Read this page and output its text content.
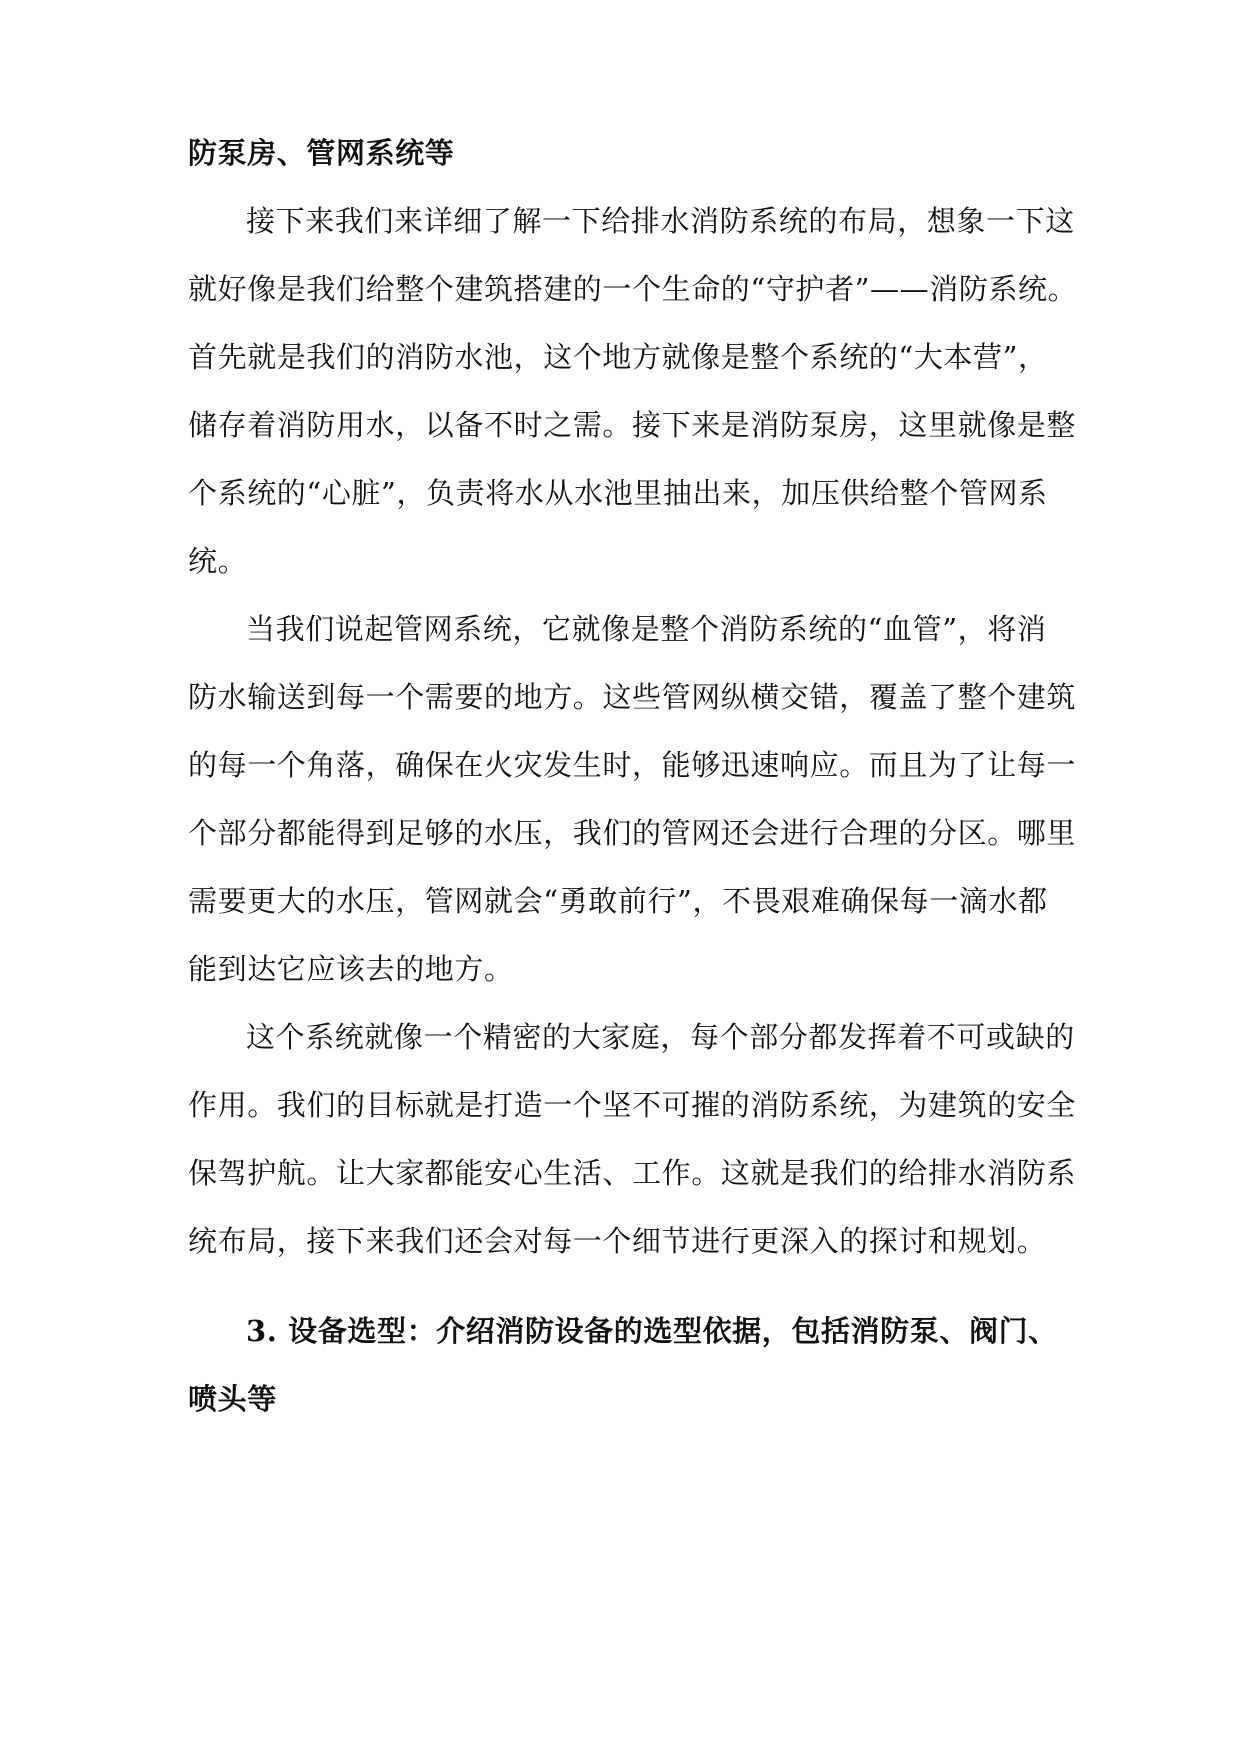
防泵房、管网系统等
接下来我们来详细了解一下给排水消防系统的布局，想象一下这
就好像是我们给整个建筑搭建的一个生命的“守护者”——消防系统。
首先就是我们的消防水池，这个地方就像是整个系统的“大本营”，
储存着消防用水，以备不时之需。接下来是消防泵房，这里就像是整
个系统的“心脏”，负责将水从水池里抽出来，加压供给整个管网系
统。
当我们说起管网系统，它就像是整个消防系统的“血管”，将消
防水输送到每一个需要的地方。这些管网纵横交错，覆盖了整个建筑
的每一个角落，确保在火灾发生时，能够迅速响应。而且为了让每一
个部分都能得到足够的水压，我们的管网还会进行合理的分区。哪里
需要更大的水压，管网就会“勇敢前行”，不畏艰难确保每一滴水都
能到达它应该去的地方。
这个系统就像一个精密的大家庭，每个部分都发挥着不可或缺的
作用。我们的目标就是打造一个坚不可摧的消防系统，为建筑的安全
保驾护航。让大家都能安心生活、工作。这就是我们的给排水消防系
统布局，接下来我们还会对每一个细节进行更深入的探讨和规划。
3. 设备选型：介绍消防设备的选型依据，包括消防泵、阀门、
喷头等
